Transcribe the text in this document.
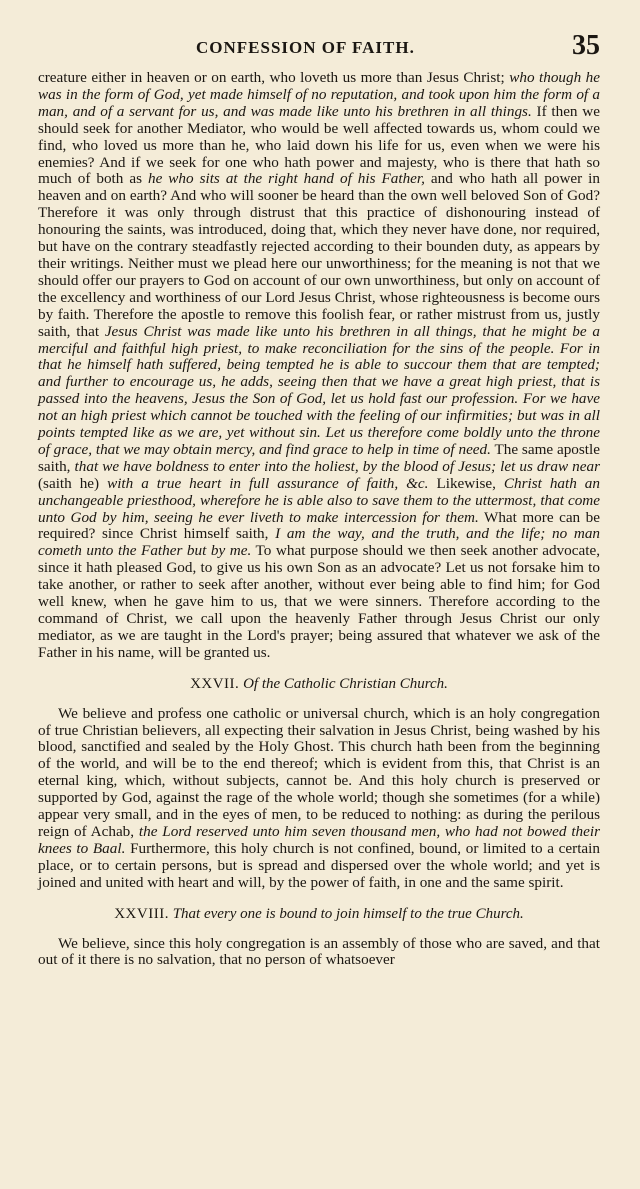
CONFESSION OF FAITH.	35

creature either in heaven or on earth, who loveth us more than Jesus Christ; who though he was in the form of God, yet made himself of no reputation, and took upon him the form of a man, and of a servant for us, and was made like unto his brethren in all things. If then we should seek for another Mediator, who would be well affected towards us, whom could we find, who loved us more than he, who laid down his life for us, even when we were his enemies? And if we seek for one who hath power and majesty, who is there that hath so much of both as he who sits at the right hand of his Father, and who hath all power in heaven and on earth? And who will sooner be heard than the own well beloved Son of God? Therefore it was only through distrust that this practice of dishonouring instead of honouring the saints, was introduced, doing that, which they never have done, nor required, but have on the contrary steadfastly rejected according to their bounden duty, as appears by their writings. Neither must we plead here our unworthiness; for the meaning is not that we should offer our prayers to God on account of our own unworthiness, but only on account of the excellency and worthiness of our Lord Jesus Christ, whose righteousness is become ours by faith. Therefore the apostle to remove this foolish fear, or rather mistrust from us, justly saith, that Jesus Christ was made like unto his brethren in all things, that he might be a merciful and faithful high priest, to make reconciliation for the sins of the people. For in that he himself hath suffered, being tempted he is able to succour them that are tempted; and further to encourage us, he adds, seeing then that we have a great high priest, that is passed into the heavens, Jesus the Son of God, let us hold fast our profession. For we have not an high priest which cannot be touched with the feeling of our infirmities; but was in all points tempted like as we are, yet without sin. Let us therefore come boldly unto the throne of grace, that we may obtain mercy, and find grace to help in time of need. The same apostle saith, that we have boldness to enter into the holiest, by the blood of Jesus; let us draw near (saith he) with a true heart in full assurance of faith, &c. Likewise, Christ hath an unchangeable priesthood, wherefore he is able also to save them to the uttermost, that come unto God by him, seeing he ever liveth to make intercession for them. What more can be required? since Christ himself saith, I am the way, and the truth, and the life; no man cometh unto the Father but by me. To what purpose should we then seek another advocate, since it hath pleased God, to give us his own Son as an advocate? Let us not forsake him to take another, or rather to seek after another, without ever being able to find him; for God well knew, when he gave him to us, that we were sinners. Therefore according to the command of Christ, we call upon the heavenly Father through Jesus Christ our only mediator, as we are taught in the Lord's prayer; being assured that whatever we ask of the Father in his name, will be granted us.

XXVII. Of the Catholic Christian Church.

We believe and profess one catholic or universal church, which is an holy congregation of true Christian believers, all expecting their salvation in Jesus Christ, being washed by his blood, sanctified and sealed by the Holy Ghost. This church hath been from the beginning of the world, and will be to the end thereof; which is evident from this, that Christ is an eternal king, which, without subjects, cannot be. And this holy church is preserved or supported by God, against the rage of the whole world; though she sometimes (for a while) appear very small, and in the eyes of men, to be reduced to nothing: as during the perilous reign of Achab, the Lord reserved unto him seven thousand men, who had not bowed their knees to Baal. Furthermore, this holy church is not confined, bound, or limited to a certain place, or to certain persons, but is spread and dispersed over the whole world; and yet is joined and united with heart and will, by the power of faith, in one and the same spirit.

XXVIII. That every one is bound to join himself to the true Church.

We believe, since this holy congregation is an assembly of those who are saved, and that out of it there is no salvation, that no person of whatsoever
